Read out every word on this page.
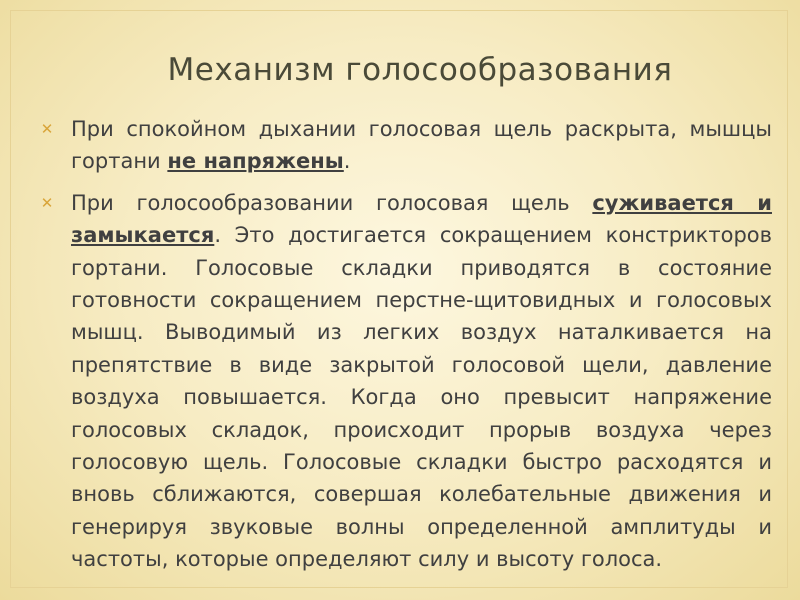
Механизм голосообразования
✕ При спокойном дыхании голосовая щель раскрыта, мышцы гортани не напряжены.
✕ При голосообразовании голосовая щель суживается и замыкается. Это достигается сокращением констрикторов гортани. Голосовые складки приводятся в состояние готовности сокращением перстне-щитовидных и голосовых мышц. Выводимый из легких воздух наталкивается на препятствие в виде закрытой голосовой щели, давление воздуха повышается. Когда оно превысит напряжение голосовых складок, происходит прорыв воздуха через голосовую щель. Голосовые складки быстро расходятся и вновь сближаются, совершая колебательные движения и генерируя звуковые волны определенной амплитуды и частоты, которые определяют силу и высоту голоса.
